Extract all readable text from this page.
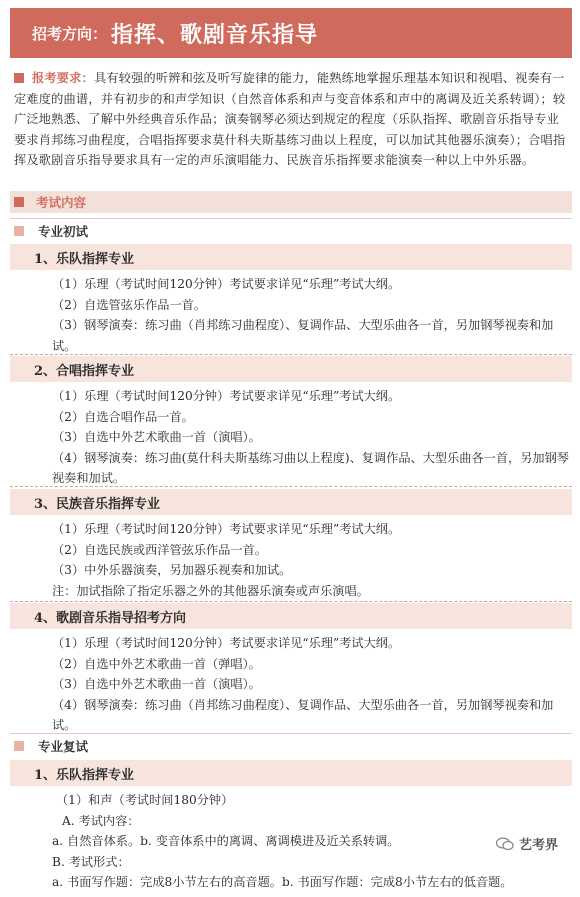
招考方向： 指挥、歌剧音乐指导
报考要求：具有较强的听辨和弦及听写旋律的能力，能熟练地掌握乐理基本知识和视唱、视奏有一定难度的曲谱，并有初步的和声学知识（自然音体系和声与变音体系和声中的离调及近关系转调）；较广泛地熟悉、了解中外经典音乐作品；演奏钢琴必须达到规定的程度（乐队指挥、歌剧音乐指导专业要求肖邦练习曲程度，合唱指挥要求莫什科夫斯基练习曲以上程度，可以加试其他器乐演奏）；合唱指挥及歌剧音乐指导要求具有一定的声乐演唱能力、民族音乐指挥要求能演奏一种以上中外乐器。
考试内容
专业初试
1、乐队指挥专业
（1）乐理（考试时间120分钟）考试要求详见“乐理”考试大纲。
（2）自选管弦乐作品一首。
（3）钢琴演奏：练习曲（肖邦练习曲程度）、复调作品、大型乐曲各一首，另加钢琴视奏和加试。
2、合唱指挥专业
（1）乐理（考试时间120分钟）考试要求详见“乐理”考试大纲。
（2）自选合唱作品一首。
（3）自选中外艺术歌曲一首（演唱）。
（4）钢琴演奏：练习曲(莫什科夫斯基练习曲以上程度)、复调作品、大型乐曲各一首，另加钢琴视奏和加试。
3、民族音乐指挥专业
（1）乐理（考试时间120分钟）考试要求详见“乐理”考试大纲。
（2）自选民族或西洋管弦乐作品一首。
（3）中外乐器演奏，另加器乐视奏和加试。
注：加试指除了指定乐器之外的其他器乐演奏或声乐演唱。
4、歌剧音乐指导招考方向
（1）乐理（考试时间120分钟）考试要求详见“乐理”考试大纲。
（2）自选中外艺术歌曲一首（弹唱）。
（3）自选中外艺术歌曲一首（演唱）。
（4）钢琴演奏：练习曲（肖邦练习曲程度）、复调作品、大型乐曲各一首，另加钢琴视奏和加试。
专业复试
1、乐队指挥专业
（1）和声（考试时间180分钟）
A. 考试内容：
a. 自然音体系。b. 变音体系中的离调、离调模进及近关系转调。
B. 考试形式：
a. 书面写作题：完成8小节左右的高音题。b. 书面写作题：完成8小节左右的低音题。
艺考界
